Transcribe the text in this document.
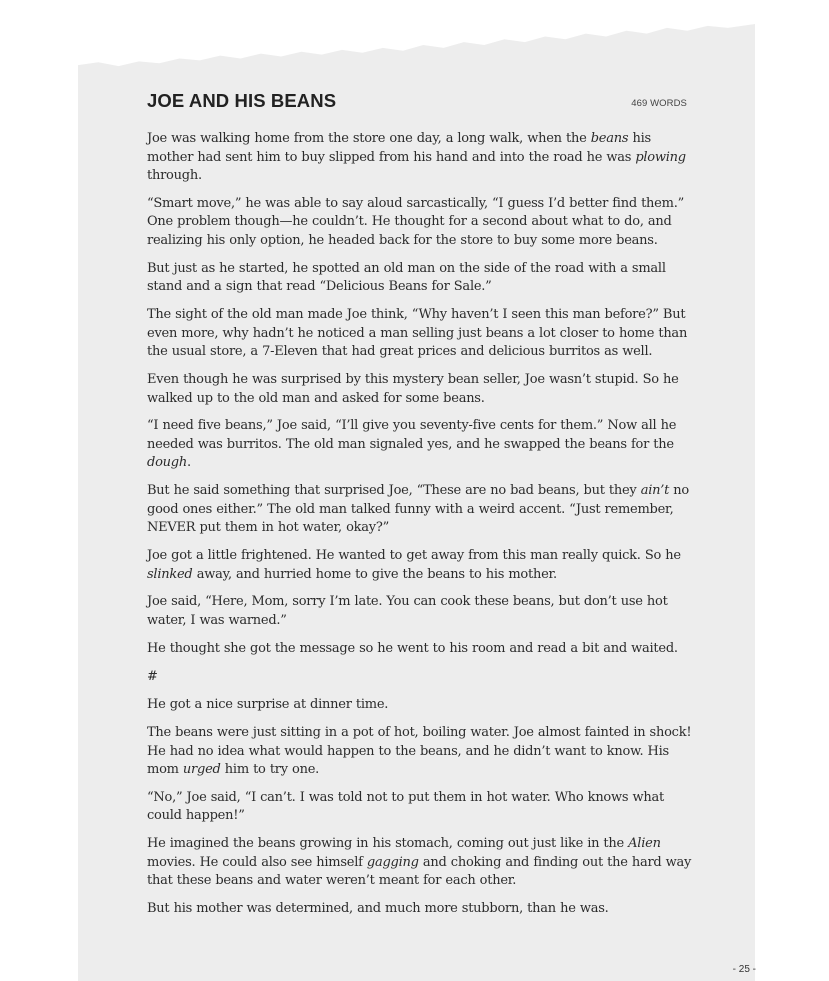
JOE AND HIS BEANS	469 WORDS

Joe was walking home from the store one day, a long walk, when the beans his mother had sent him to buy slipped from his hand and into the road he was plowing through.

“Smart move,” he was able to say aloud sarcastically, “I guess I’d better find them.” One problem though—he couldn’t. He thought for a second about what to do, and realizing his only option, he headed back for the store to buy some more beans.

But just as he started, he spotted an old man on the side of the road with a small stand and a sign that read “Delicious Beans for Sale.”

The sight of the old man made Joe think, “Why haven’t I seen this man before?” But even more, why hadn’t he noticed a man selling just beans a lot closer to home than the usual store, a 7-Eleven that had great prices and delicious burritos as well.

Even though he was surprised by this mystery bean seller, Joe wasn’t stupid. So he walked up to the old man and asked for some beans.

“I need five beans,” Joe said, “I’ll give you seventy-five cents for them.” Now all he needed was burritos. The old man signaled yes, and he swapped the beans for the dough.

But he said something that surprised Joe, “These are no bad beans, but they ain’t no good ones either.” The old man talked funny with a weird accent. “Just remember, NEVER put them in hot water, okay?”

Joe got a little frightened. He wanted to get away from this man really quick. So he slinked away, and hurried home to give the beans to his mother.

Joe said, “Here, Mom, sorry I’m late. You can cook these beans, but don’t use hot water, I was warned.”

He thought she got the message so he went to his room and read a bit and waited.

#

He got a nice surprise at dinner time.

The beans were just sitting in a pot of hot, boiling water. Joe almost fainted in shock! He had no idea what would happen to the beans, and he didn’t want to know. His mom urged him to try one.

“No,” Joe said, “I can’t. I was told not to put them in hot water. Who knows what could happen!”

He imagined the beans growing in his stomach, coming out just like in the Alien movies. He could also see himself gagging and choking and finding out the hard way that these beans and water weren’t meant for each other.

But his mother was determined, and much more stubborn, than he was.

- 25 -
